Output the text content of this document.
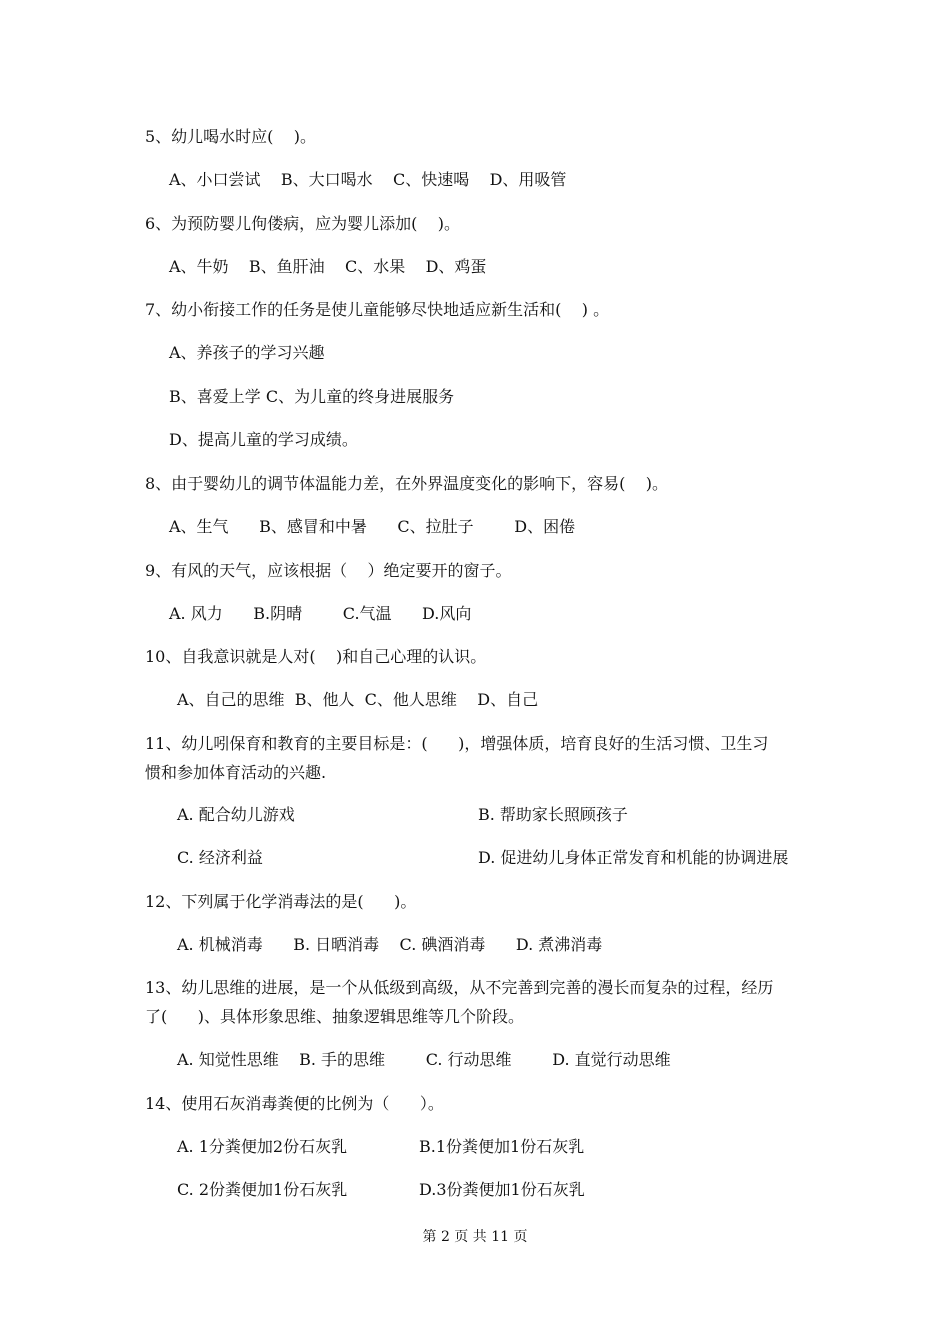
5、幼儿喝水时应(    )。
A、小口尝试    B、大口喝水    C、快速喝    D、用吸管
6、为预防婴儿佝偻病，应为婴儿添加(    )。
A、牛奶    B、鱼肝油    C、水果    D、鸡蛋
7、幼小衔接工作的任务是使儿童能够尽快地适应新生活和(    ) 。
A、养孩子的学习兴趣
B、喜爱上学 C、为儿童的终身进展服务
D、提高儿童的学习成绩。
8、由于婴幼儿的调节体温能力差，在外界温度变化的影响下，容易(    )。
A、生气      B、感冒和中暑      C、拉肚子        D、困倦
9、有风的天气，应该根据（    ）绝定要开的窗子。
A. 风力      B.阴晴        C.气温      D.风向
10、自我意识就是人对(    )和自己心理的认识。
A、自己的思维  B、他人  C、他人思维    D、自己
11、幼儿吲保育和教育的主要目标是：(      )，增强体质，培育良好的生活习惯、卫生习
惯和参加体育活动的兴趣.
A. 配合幼儿游戏	B. 帮助家长照顾孩子
C. 经济利益	D. 促进幼儿身体正常发育和机能的协调进展
12、下列属于化学消毒法的是(      )。
A. 机械消毒      B. 日晒消毒    C. 碘酒消毒      D. 煮沸消毒
13、幼儿思维的进展，是一个从低级到高级，从不完善到完善的漫长而复杂的过程，经历
了(      )、具体形象思维、抽象逻辑思维等几个阶段。
A. 知觉性思维    B. 手的思维        C. 行动思维        D. 直觉行动思维
14、使用石灰消毒粪便的比例为（      ）。
A. 1分粪便加2份石灰乳	B.1份粪便加1份石灰乳
C. 2份粪便加1份石灰乳	D.3份粪便加1份石灰乳
第 2 页 共 11 页
